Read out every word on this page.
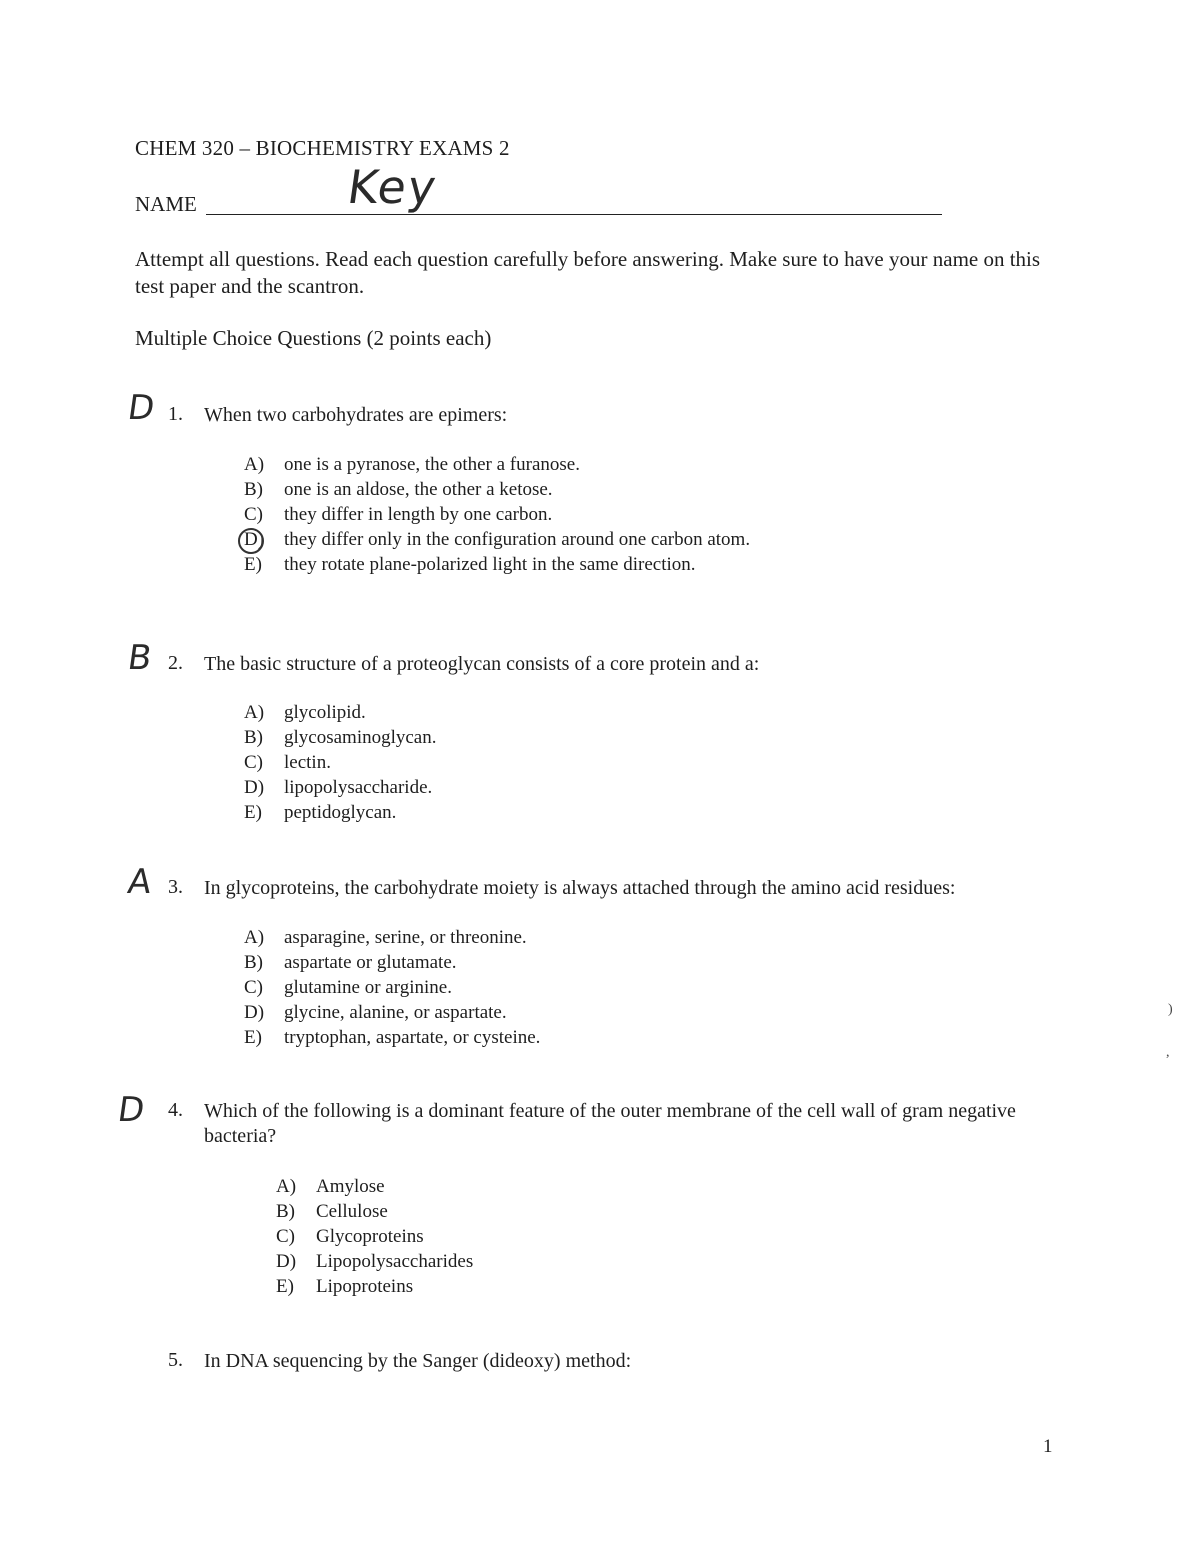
CHEM 320 – BIOCHEMISTRY EXAMS 2
NAME	Key
Attempt all questions. Read each question carefully before answering. Make sure to have your name on this test paper and the scantron.
Multiple Choice Questions (2 points each)
D 1. When two carbohydrates are epimers:
A) one is a pyranose, the other a furanose.
B) one is an aldose, the other a ketose.
C) they differ in length by one carbon.
D) they differ only in the configuration around one carbon atom.
E) they rotate plane-polarized light in the same direction.
B 2. The basic structure of a proteoglycan consists of a core protein and a:
A) glycolipid.
B) glycosaminoglycan.
C) lectin.
D) lipopolysaccharide.
E) peptidoglycan.
A 3. In glycoproteins, the carbohydrate moiety is always attached through the amino acid residues:
A) asparagine, serine, or threonine.
B) aspartate or glutamate.
C) glutamine or arginine.
D) glycine, alanine, or aspartate.
E) tryptophan, aspartate, or cysteine.
D 4. Which of the following is a dominant feature of the outer membrane of the cell wall of gram negative bacteria?
A) Amylose
B) Cellulose
C) Glycoproteins
D) Lipopolysaccharides
E) Lipoproteins
5. In DNA sequencing by the Sanger (dideoxy) method:
)
,
1
